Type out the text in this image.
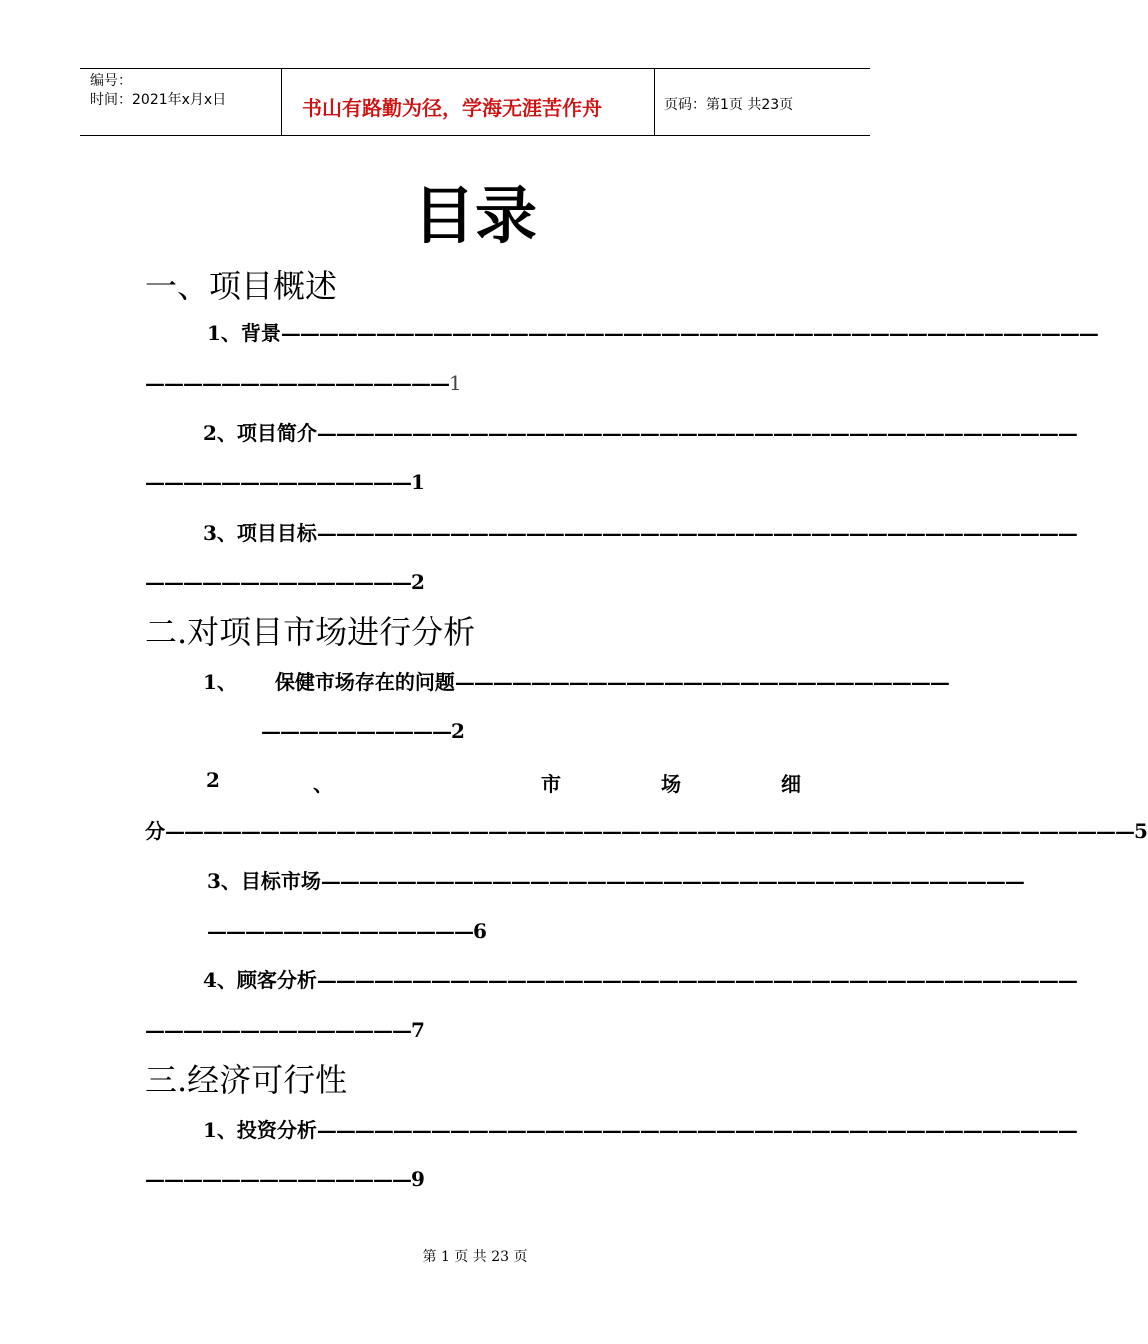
编号：
时间：2021年x月x日	书山有路勤为径，学海无涯苦作舟	页码：第1页 共23页
目录
一、项目概述
1、背景———————————————————————————————————————————
————————————————1
2、项目简介————————————————————————————————————————
——————————————1
3、项目目标————————————————————————————————————————
——————————————2
二.对项目市场进行分析
1、 保健市场存在的问题——————————————————————————
——————————2
2	、	市	场	细
分———————————————————————————————————————————————————5
3、目标市场—————————————————————————————————————
——————————————6
4、顾客分析————————————————————————————————————————
——————————————7
三.经济可行性
1、投资分析————————————————————————————————————————
——————————————9
第 1 页 共 23 页
